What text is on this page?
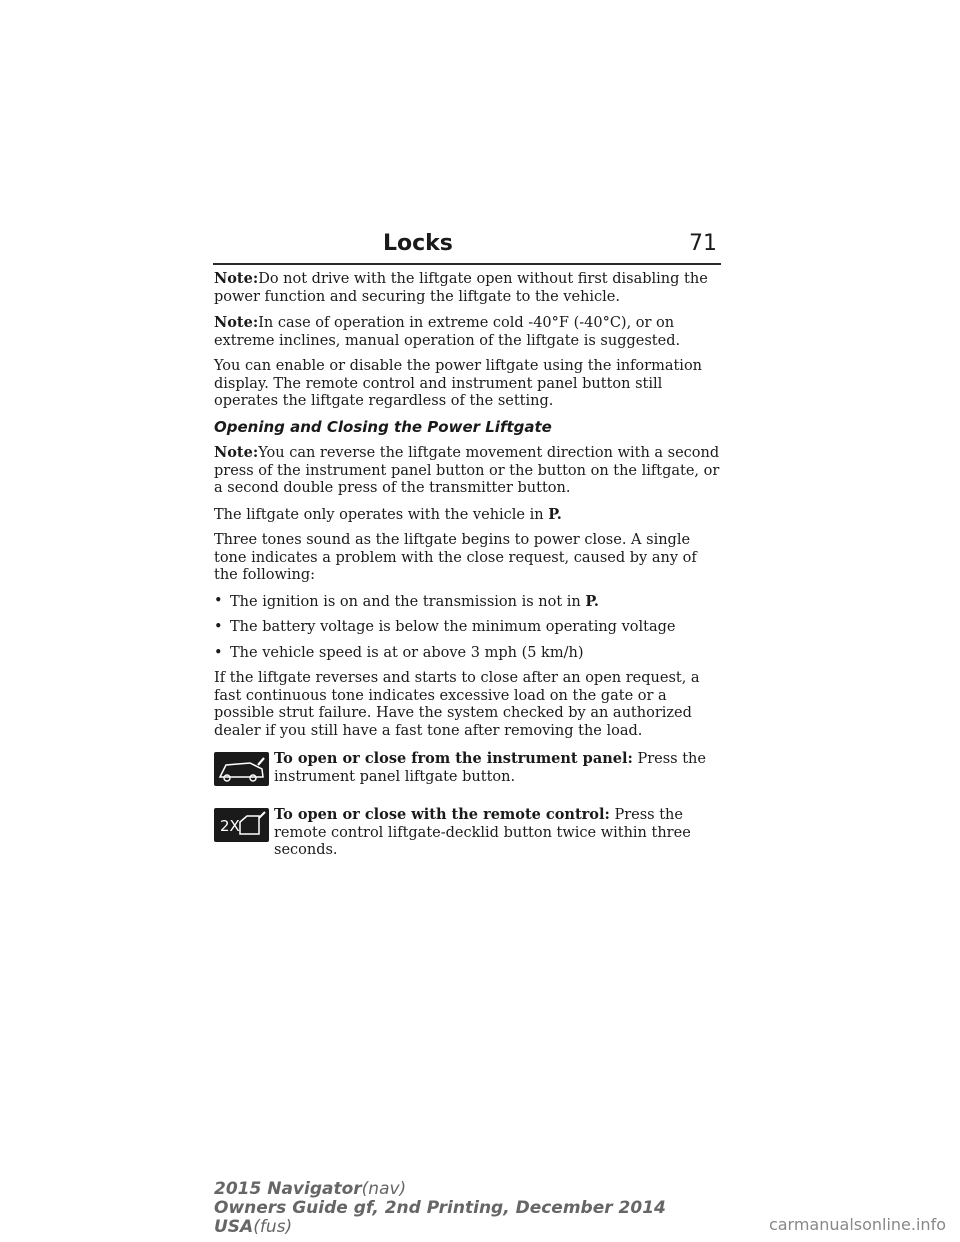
Locks	71

Note:Do not drive with the liftgate open without first disabling the power function and securing the liftgate to the vehicle.

Note:In case of operation in extreme cold -40°F (-40°C), or on extreme inclines, manual operation of the liftgate is suggested.

You can enable or disable the power liftgate using the information display. The remote control and instrument panel button still operates the liftgate regardless of the setting.

Opening and Closing the Power Liftgate

Note:You can reverse the liftgate movement direction with a second press of the instrument panel button or the button on the liftgate, or a second double press of the transmitter button.

The liftgate only operates with the vehicle in P.

Three tones sound as the liftgate begins to power close. A single tone indicates a problem with the close request, caused by any of the following:

• The ignition is on and the transmission is not in P.
• The battery voltage is below the minimum operating voltage
• The vehicle speed is at or above 3 mph (5 km/h)

If the liftgate reverses and starts to close after an open request, a fast continuous tone indicates excessive load on the gate or a possible strut failure. Have the system checked by an authorized dealer if you still have a fast tone after removing the load.

To open or close from the instrument panel: Press the instrument panel liftgate button.
2X
To open or close with the remote control: Press the remote control liftgate-decklid button twice within three seconds.
2015 Navigator(nav)
Owners Guide gf, 2nd Printing, December 2014
USA(fus)	carmanualsonline.info
